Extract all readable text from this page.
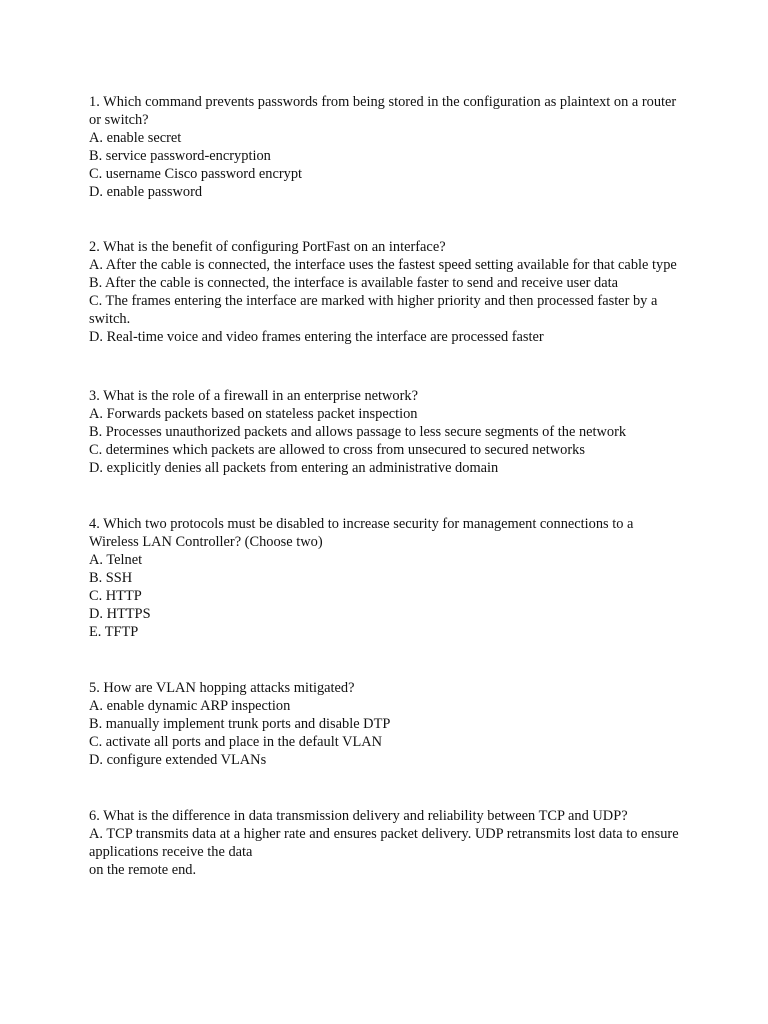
1. Which command prevents passwords from being stored in the configuration as plaintext on a router or switch?
A. enable secret
B. service password-encryption
C. username Cisco password encrypt
D. enable password
2. What is the benefit of configuring PortFast on an interface?
A. After the cable is connected, the interface uses the fastest speed setting available for that cable type
B. After the cable is connected, the interface is available faster to send and receive user data
C. The frames entering the interface are marked with higher priority and then processed faster by a switch.
D. Real-time voice and video frames entering the interface are processed faster
3. What is the role of a firewall in an enterprise network?
A. Forwards packets based on stateless packet inspection
B. Processes unauthorized packets and allows passage to less secure segments of the network
C. determines which packets are allowed to cross from unsecured to secured networks
D. explicitly denies all packets from entering an administrative domain
4. Which two protocols must be disabled to increase security for management connections to a Wireless LAN Controller? (Choose two)
A. Telnet
B. SSH
C. HTTP
D. HTTPS
E. TFTP
5. How are VLAN hopping attacks mitigated?
A. enable dynamic ARP inspection
B. manually implement trunk ports and disable DTP
C. activate all ports and place in the default VLAN
D. configure extended VLANs
6. What is the difference in data transmission delivery and reliability between TCP and UDP?
A. TCP transmits data at a higher rate and ensures packet delivery. UDP retransmits lost data to ensure applications receive the data
on the remote end.
